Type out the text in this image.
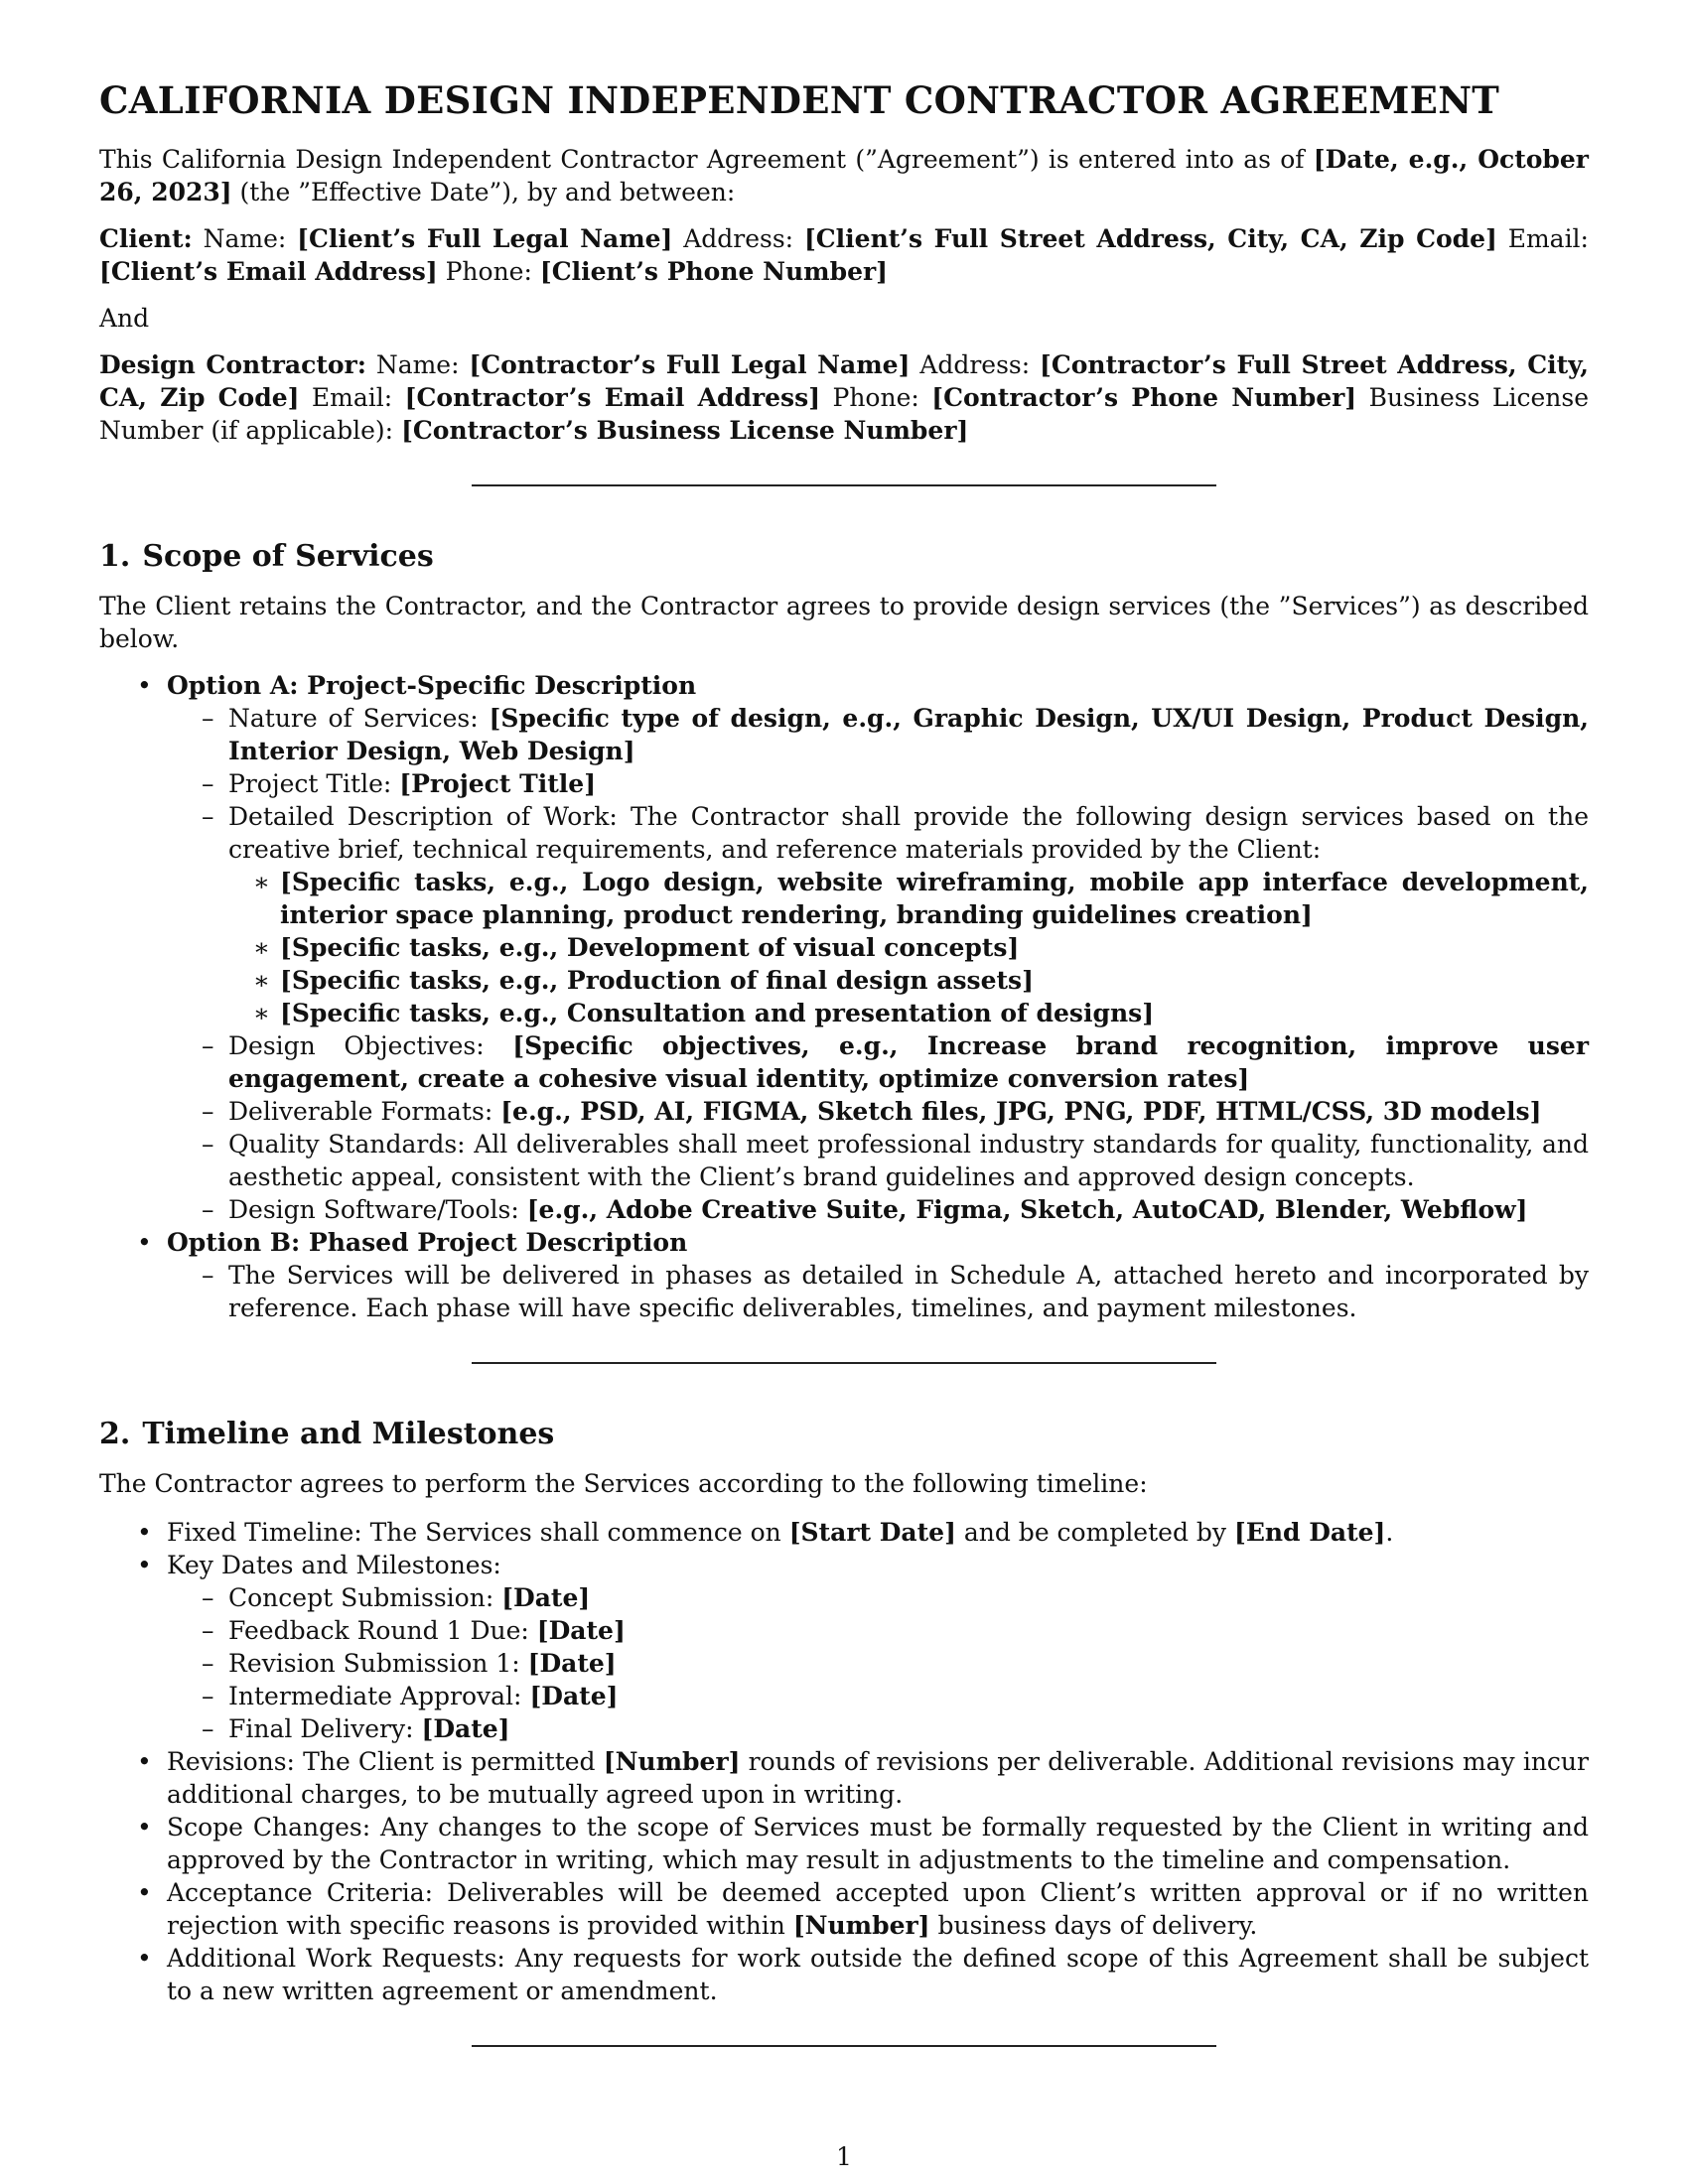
CALIFORNIA DESIGN INDEPENDENT CONTRACTOR AGREEMENT

This California Design Independent Contractor Agreement (”Agreement”) is entered into as of [Date, e.g., October 26, 2023] (the ”Effective Date”), by and between:

Client: Name: [Client’s Full Legal Name] Address: [Client’s Full Street Address, City, CA, Zip Code] Email: [Client’s Email Address] Phone: [Client’s Phone Number]

And

Design Contractor: Name: [Contractor’s Full Legal Name] Address: [Contractor’s Full Street Address, City, CA, Zip Code] Email: [Contractor’s Email Address] Phone: [Contractor’s Phone Number] Business License Number (if applicable): [Contractor’s Business License Number]

1. Scope of Services

The Client retains the Contractor, and the Contractor agrees to provide design services (the ”Services”) as described below.

• Option A: Project-Specific Description
– Nature of Services: [Specific type of design, e.g., Graphic Design, UX/UI Design, Product Design, Interior Design, Web Design]
– Project Title: [Project Title]
– Detailed Description of Work: The Contractor shall provide the following design services based on the creative brief, technical requirements, and reference materials provided by the Client:
∗ [Specific tasks, e.g., Logo design, website wireframing, mobile app interface development, interior space planning, product rendering, branding guidelines creation]
∗ [Specific tasks, e.g., Development of visual concepts]
∗ [Specific tasks, e.g., Production of final design assets]
∗ [Specific tasks, e.g., Consultation and presentation of designs]
– Design Objectives: [Specific objectives, e.g., Increase brand recognition, improve user engagement, create a cohesive visual identity, optimize conversion rates]
– Deliverable Formats: [e.g., PSD, AI, FIGMA, Sketch files, JPG, PNG, PDF, HTML/CSS, 3D models]
– Quality Standards: All deliverables shall meet professional industry standards for quality, functionality, and aesthetic appeal, consistent with the Client’s brand guidelines and approved design concepts.
– Design Software/Tools: [e.g., Adobe Creative Suite, Figma, Sketch, AutoCAD, Blender, Webflow]
• Option B: Phased Project Description
– The Services will be delivered in phases as detailed in Schedule A, attached hereto and incorporated by reference. Each phase will have specific deliverables, timelines, and payment milestones.
2. Timeline and Milestones

The Contractor agrees to perform the Services according to the following timeline:

• Fixed Timeline: The Services shall commence on [Start Date] and be completed by [End Date].
• Key Dates and Milestones:
– Concept Submission: [Date]
– Feedback Round 1 Due: [Date]
– Revision Submission 1: [Date]
– Intermediate Approval: [Date]
– Final Delivery: [Date]
• Revisions: The Client is permitted [Number] rounds of revisions per deliverable. Additional revisions may incur additional charges, to be mutually agreed upon in writing.
• Scope Changes: Any changes to the scope of Services must be formally requested by the Client in writing and approved by the Contractor in writing, which may result in adjustments to the timeline and compensation.
• Acceptance Criteria: Deliverables will be deemed accepted upon Client’s written approval or if no written rejection with specific reasons is provided within [Number] business days of delivery.
• Additional Work Requests: Any requests for work outside the defined scope of this Agreement shall be subject to a new written agreement or amendment.
1
